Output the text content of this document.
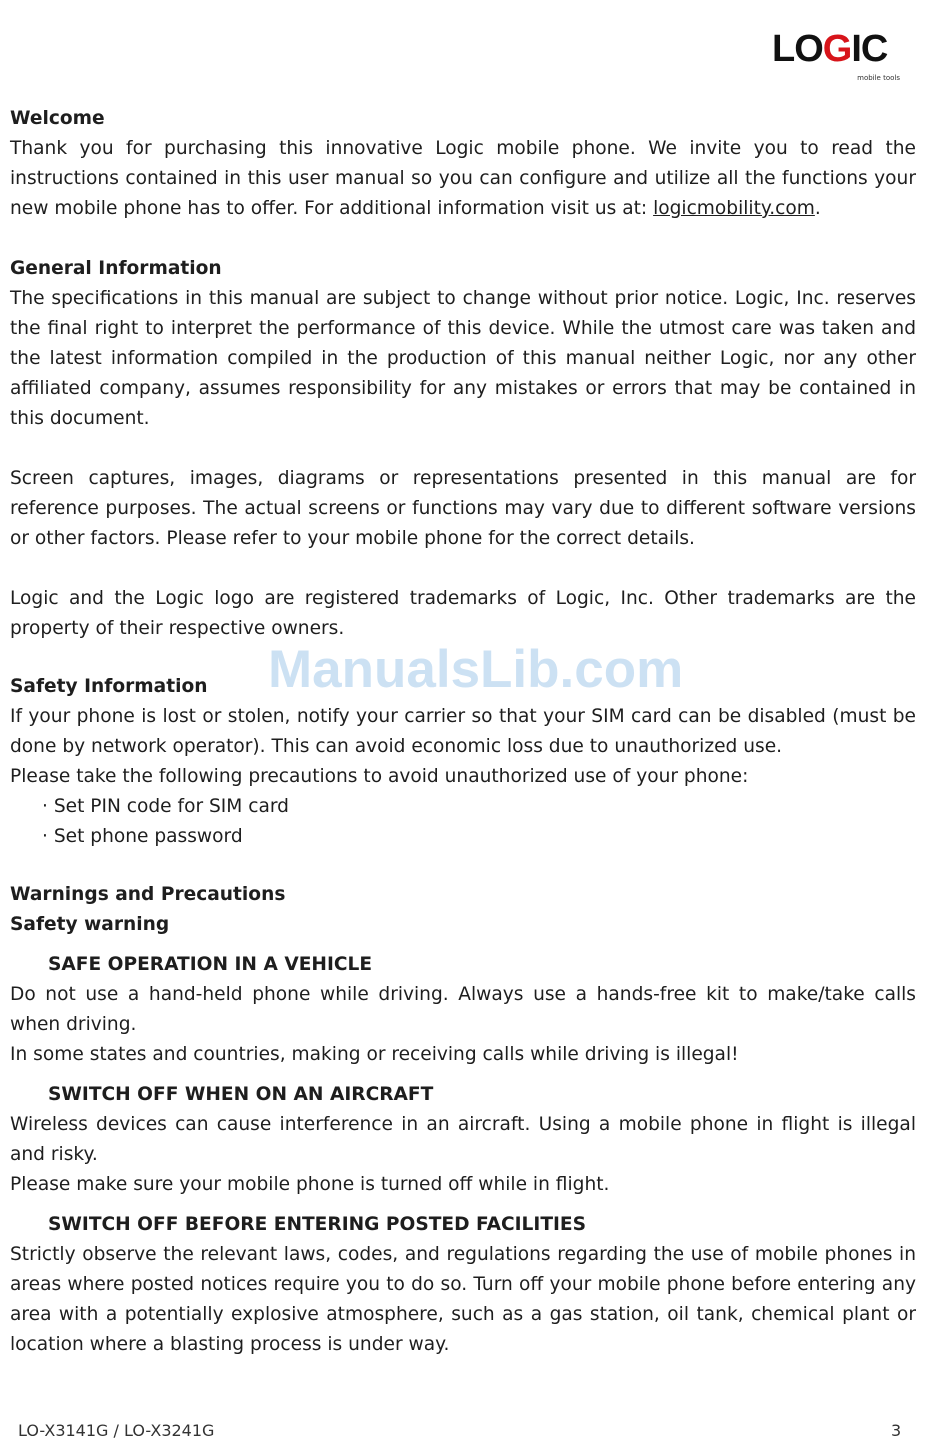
LOGIC
mobile tools
Welcome

Thank you for purchasing this innovative Logic mobile phone. We invite you to read the instructions contained in this user manual so you can configure and utilize all the functions your new mobile phone has to offer. For additional information visit us at: logicmobility.com.

General Information

The specifications in this manual are subject to change without prior notice. Logic, Inc. reserves the final right to interpret the performance of this device. While the utmost care was taken and the latest information compiled in the production of this manual neither Logic, nor any other affiliated company, assumes responsibility for any mistakes or errors that may be contained in this document.

Screen captures, images, diagrams or representations presented in this manual are for reference purposes. The actual screens or functions may vary due to different software versions or other factors. Please refer to your mobile phone for the correct details.

Logic and the Logic logo are registered trademarks of Logic, Inc. Other trademarks are the property of their respective owners.

Safety Information

If your phone is lost or stolen, notify your carrier so that your SIM card can be disabled (must be done by network operator). This can avoid economic loss due to unauthorized use.

Please take the following precautions to avoid unauthorized use of your phone:

· Set PIN code for SIM card
· Set phone password
Warnings and Precautions
Safety warning
SAFE OPERATION IN A VEHICLE

Do not use a hand-held phone while driving. Always use a hands-free kit to make/take calls when driving.

In some states and countries, making or receiving calls while driving is illegal!

SWITCH OFF WHEN ON AN AIRCRAFT

Wireless devices can cause interference in an aircraft. Using a mobile phone in flight is illegal and risky.

Please make sure your mobile phone is turned off while in flight.

SWITCH OFF BEFORE ENTERING POSTED FACILITIES

Strictly observe the relevant laws, codes, and regulations regarding the use of mobile phones in areas where posted notices require you to do so. Turn off your mobile phone before entering any area with a potentially explosive atmosphere, such as a gas station, oil tank, chemical plant or location where a blasting process is under way.

ManualsLib.com
LO-X3141G / LO-X3241G	3
